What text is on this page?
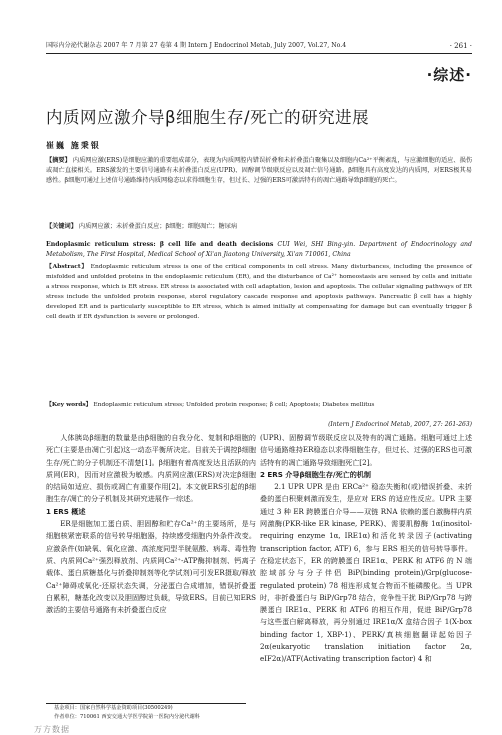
国际内分泌代谢杂志 2007 年 7 月第 27 卷第 4 期 Intern J Endocrinol Metab, July 2007, Vol.27, No.4	· 261 ·
·综述·
内质网应激介导β细胞生存/死亡的研究进展
崔巍 施秉银
【摘要】 内质网应激(ERS)是细胞应激的重要组成部分，表现为内质网腔内错误折叠和未折叠蛋白聚集以及细胞内Ca²⁺平衡紊乱，与应激细胞的适应、损伤或凋亡直接相关。ERS激发的主要信号通路有未折叠蛋白反应(UPR)、固醇调节级联反应以及凋亡信号通路。β细胞具有高度发达的内质网，对ERS极其易感性。β细胞可通过上述信号通路维持内质网稳态以求得细胞生存，但过长、过强的ERS可激活特有的凋亡通路导致β细胞的死亡。
【关键词】 内质网应激；未折叠蛋白反应；β细胞；细胞凋亡；糖尿病
Endoplasmic reticulum stress: β cell life and death decisions CUI Wei, SHI Bing-yin. Department of Endocrinology and Metabolism, The First Hospital, Medical School of Xi'an Jiaotong University, Xi'an 710061, China
【Abstract】 Endoplasmic reticulum stress is one of the critical components in cell stress. Many disturbances, including the presence of misfolded and unfolded proteins in the endoplasmic reticulum (ER), and the disturbance of Ca²⁺ homeostasis are sensed by cells and initiate a stress response, which is ER stress. ER stress is associated with cell adaptation, lesion and apoptosis. The cellular signaling pathways of ER stress include the unfolded protein response, sterol regulatory cascade response and apoptosis pathways. Pancreatic β cell has a highly developed ER and is particularly susceptible to ER stress, which is aimed initially at compensating for damage but can eventually trigger β cell death if ER dysfunction is severe or prolonged.
【Key words】 Endoplasmic reticulum stress; Unfolded protein response; β cell; Apoptosis; Diabetes mellitus
(Intern J Endocrinol Metab, 2007, 27: 261-263)

人体胰岛β细胞的数量是由β细胞的自我分化、复制和β细胞的死亡(主要是由凋亡引起)这一动态平衡所决定。目前关于调控β细胞生存/死亡的分子机制还不清楚[1]。β细胞有着高度发达且活跃的内质网(ER)，因而对应激极为敏感。内质网应激(ERS)对决定β细胞的结局如适应、损伤或凋亡有重要作用[2]。本文就ERS引起的β细胞生存/凋亡的分子机制及其研究进展作一综述。

1 ERS 概述

ER是细胞加工蛋白质、胆固醇和贮存Ca²⁺的主要场所，是与细胞核紧密联系的信号转导细胞器，持续感受细胞内外条件改变。应激条件(如缺氧、氧化应激、高浓度同型半胱氨酸、病毒、毒性物质、内质网Ca²⁺强烈释放剂、内质网Ca²⁺-ATP酶抑制剂、钙离子载体、蛋白质糖基化与折叠抑制剂等化学试剂)可引发ER摄取/释放Ca²⁺障碍或氧化-还原状态失调，分泌蛋白合成增加，错误折叠蛋白累积，糖基化改变以及胆固醇过负载，导致ERS。目前已知ERS激活的主要信号通路有未折叠蛋白反应

(UPR)、固醇调节级联反应以及特有的凋亡通路。细胞可通过上述信号通路维持ER稳态以求得细胞生存，但过长、过强的ERS也可激活特有的凋亡通路导致细胞死亡[2]。

2 ERS 介导β细胞生存/死亡的机制

2.1 UPR UPR 是由 ERCa²⁺ 稳态失衡和(或)错误折叠、未折叠的蛋白积聚刺激而发生，是应对 ERS 的适应性反应。UPR 主要通过 3 种 ER 跨膜蛋白介导——双链 RNA 依赖的蛋白激酶样内质网激酶(PKR-like ER kinase, PERK)、需要肌醇酶 1α(inositol-requiring enzyme 1α, IRE1α)和活化转录因子(activating transcription factor, ATF) 6，参与 ERS 相关的信号转导事件。在稳定状态下，ER 的跨膜蛋白 IRE1α、PERK 和 ATF6 的 N 端腔域部分与分子伴侣 BiP(binding protein)/Grp(glucose-regulated protein) 78 相连形成复合物而不能磷酸化。当 UPR 时，非折叠蛋白与 BiP/Grp78 结合，竞争性干扰 BiP/Grp78 与跨膜蛋白 IRE1α、PERK 和 ATF6 的相互作用，促进 BiP/Grp78 与这些蛋白解离释放，再分别通过 IRE1α/X 盒结合因子 1(X-box binding factor 1, XBP-1)、PERK/真核细胞翻译起始因子 2α(eukaryotic translation initiation factor 2α, eIF2α)/ATF(Activating transcription factor) 4 和

基金项目：国家自然科学基金资助项目(30500249)
作者单位：710061 西安交通大学医学院第一医院内分泌代谢科
万方数据
